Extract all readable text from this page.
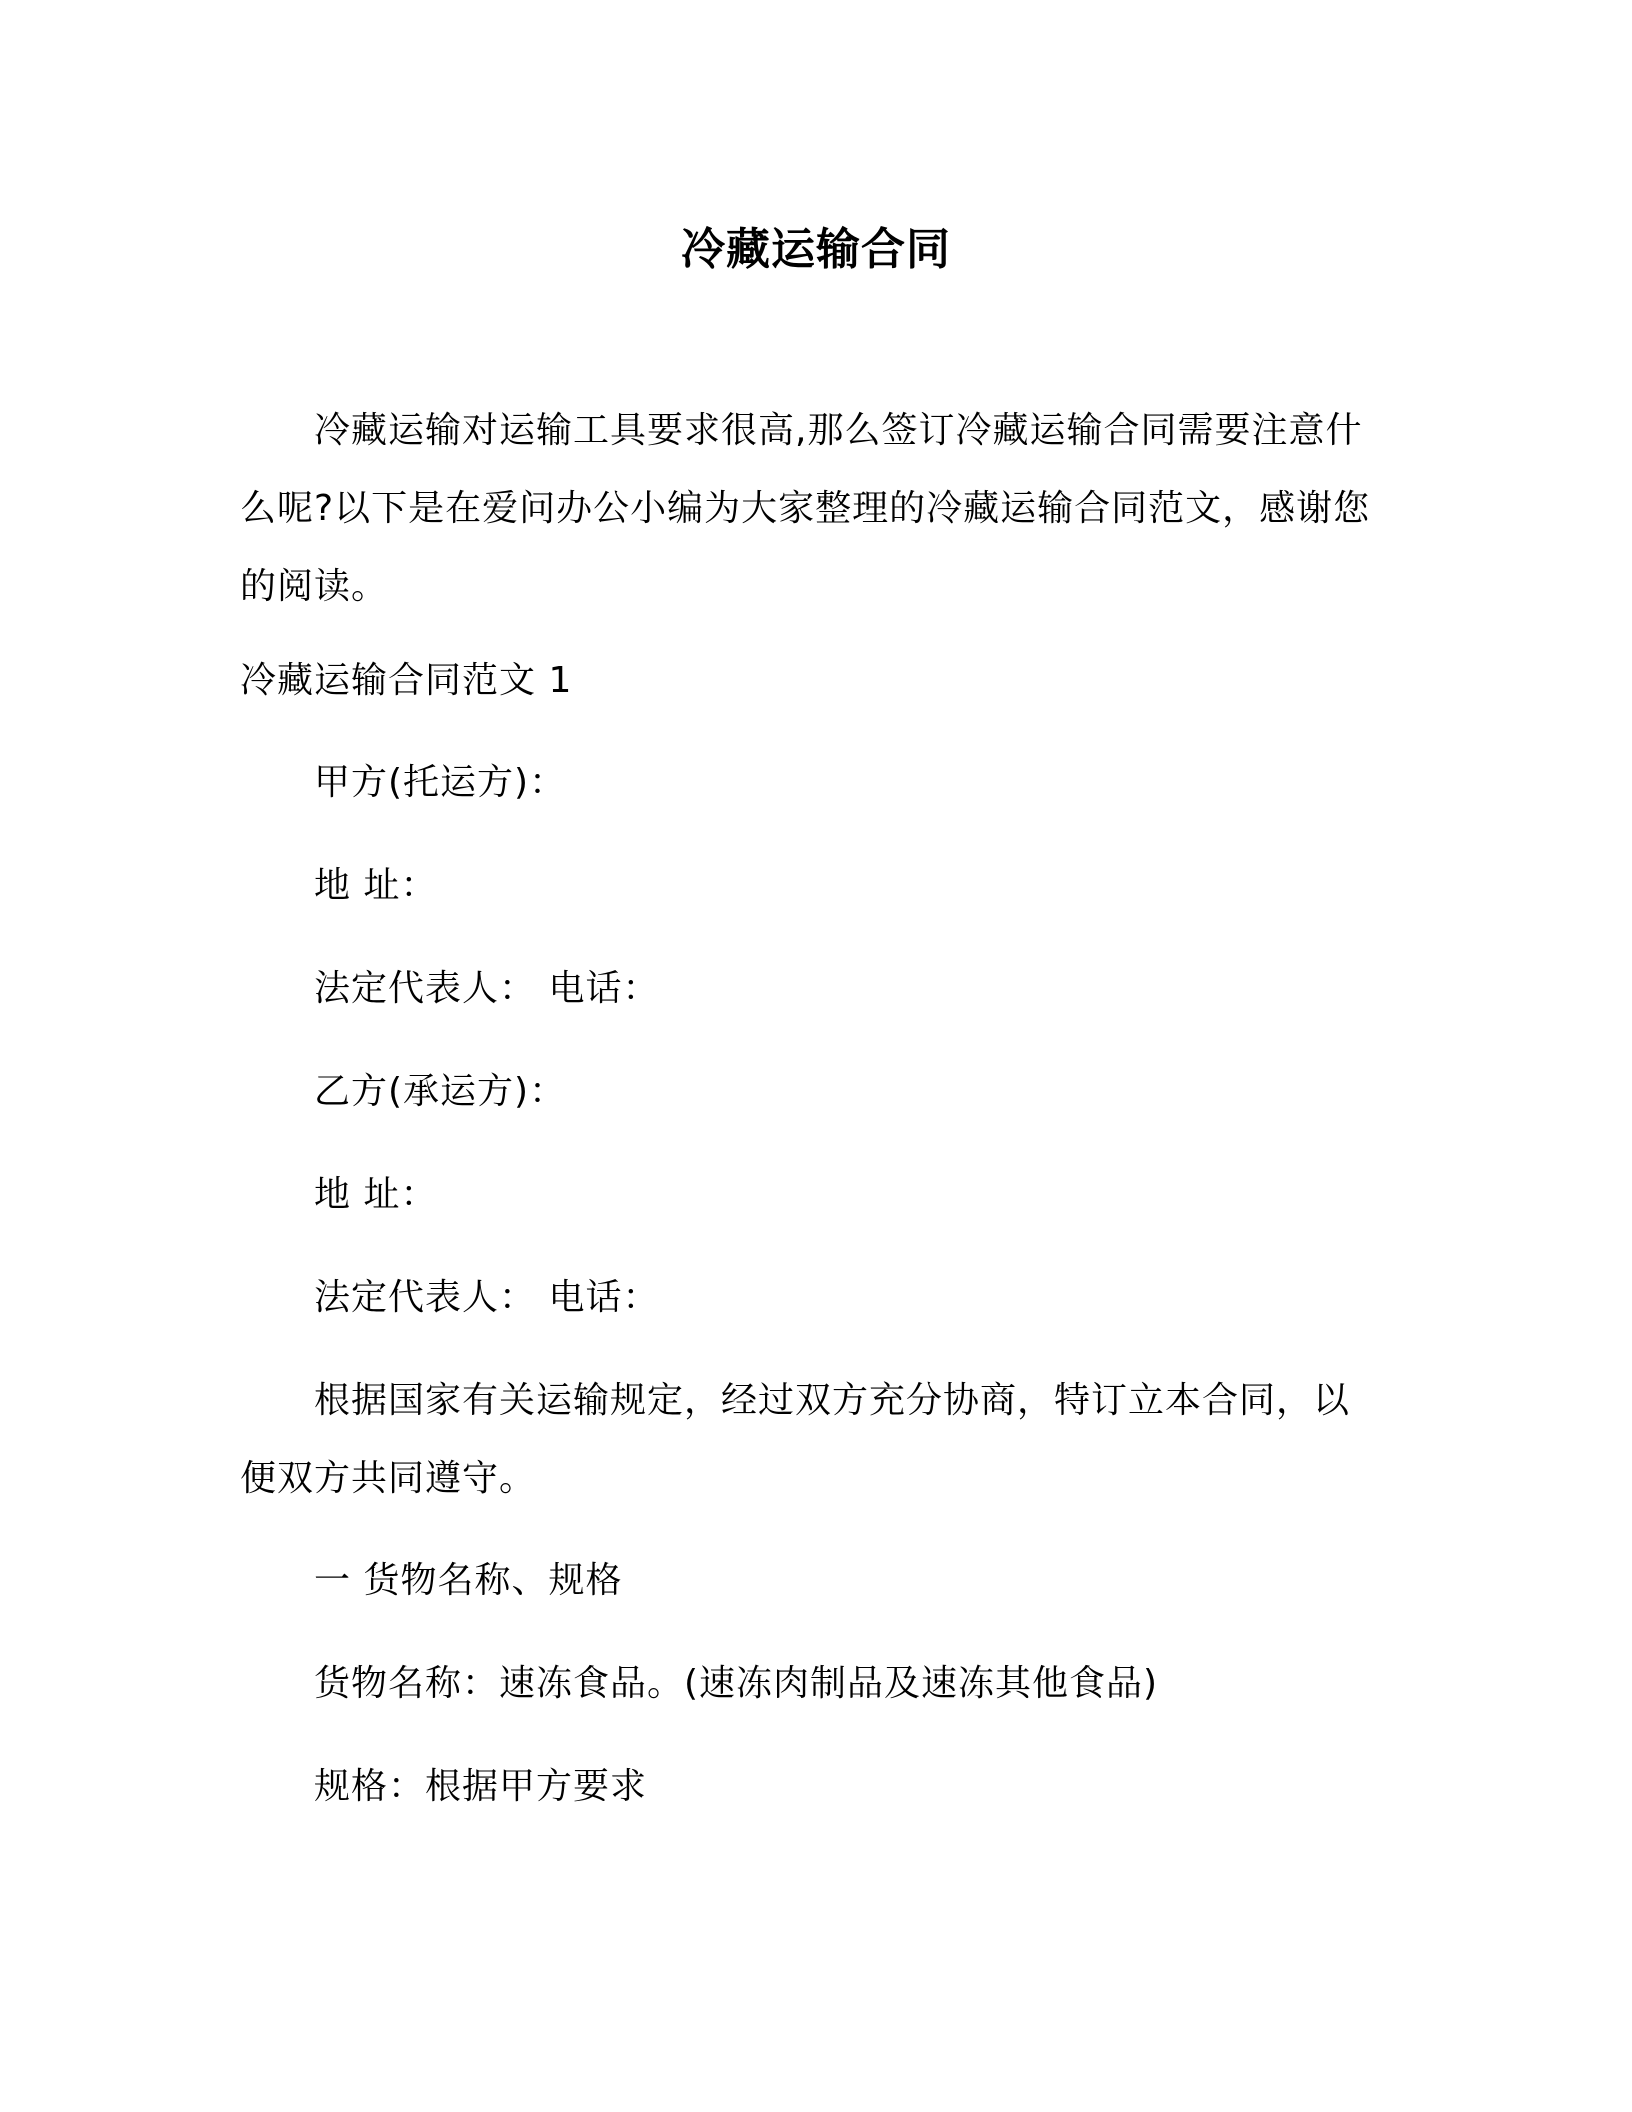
冷藏运输合同
冷藏运输对运输工具要求很高,那么签订冷藏运输合同需要注意什么呢?以下是在爱问办公小编为大家整理的冷藏运输合同范文，感谢您的阅读。
冷藏运输合同范文 1
甲方(托运方)：
地 址：
法定代表人： 电话：
乙方(承运方)：
地 址：
法定代表人： 电话：
根据国家有关运输规定，经过双方充分协商，特订立本合同，以便双方共同遵守。
一 货物名称、规格
货物名称：速冻食品。(速冻肉制品及速冻其他食品)
规格：根据甲方要求
